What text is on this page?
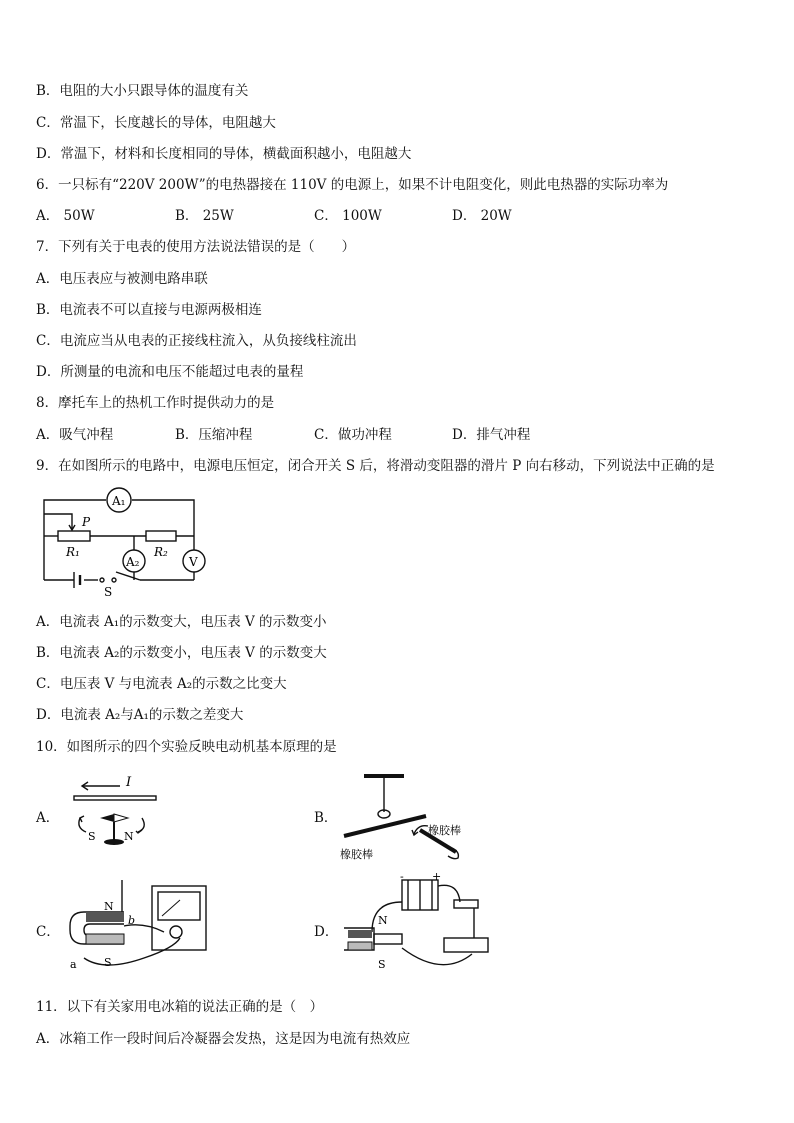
B．电阻的大小只跟导体的温度有关
C．常温下，长度越长的导体，电阻越大
D．常温下，材料和长度相同的导体，横截面积越小，电阻越大
6．一只标有“220V 200W”的电热器接在 110V 的电源上，如果不计电阻变化，则此电热器的实际功率为
A． 50W	B． 25W	C． 100W	D． 20W
7．下列有关于电表的使用方法说法错误的是（　　）
A．电压表应与被测电路串联
B．电流表不可以直接与电源两极相连
C．电流应当从电表的正接线柱流入，从负接线柱流出
D．所测量的电流和电压不能超过电表的量程
8．摩托车上的热机工作时提供动力的是
A．吸气冲程	B．压缩冲程	C．做功冲程	D．排气冲程
9．在如图所示的电路中，电源电压恒定，闭合开关 S 后，将滑动变阻器的滑片 P 向右移动，下列说法中正确的是
A₁
A₂	V
P
R₁	R₂
S
A．电流表 A₁的示数变大，电压表 V 的示数变小
B．电流表 A₂的示数变小，电压表 V 的示数变大
C．电压表 V 与电流表 A₂的示数之比变大
D．电流表 A₂与A₁的示数之差变大
10．如图所示的四个实验反映电动机基本原理的是
A．
I
S	N
B．
橡胶棒
橡胶棒
C．
N
S
a
b
D．
N
S
-	+
11．以下有关家用电冰箱的说法正确的是（　）
A．冰箱工作一段时间后冷凝器会发热，这是因为电流有热效应
